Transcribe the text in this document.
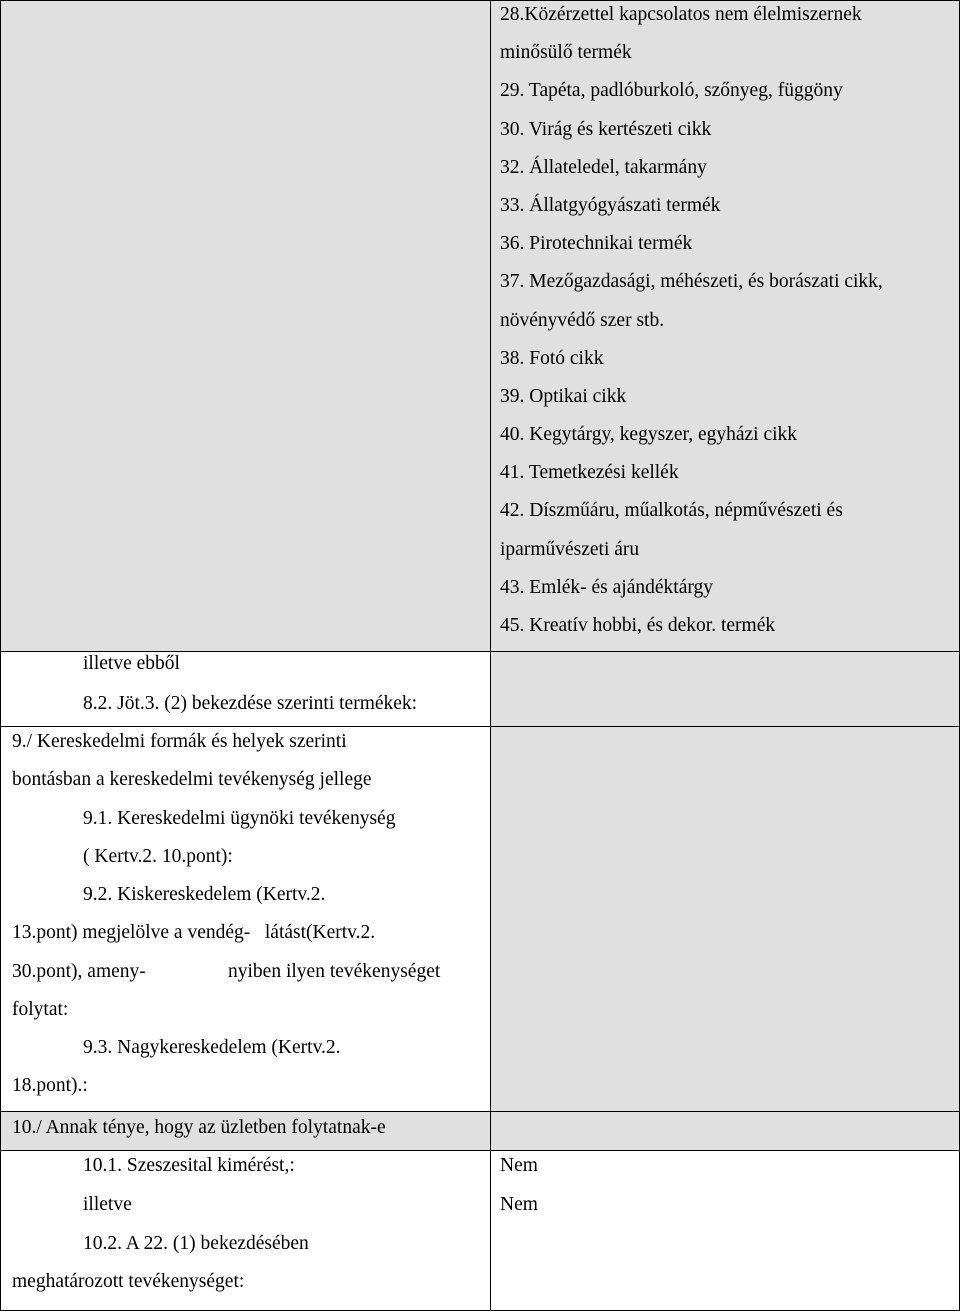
28.Közérzettel kapcsolatos nem élelmiszernek
minősülő termék
29. Tapéta, padlóburkoló, szőnyeg, függöny
30. Virág és kertészeti cikk
32. Állateledel, takarmány
33. Állatgyógyászati termék
36. Pirotechnikai termék
37. Mezőgazdasági, méhészeti, és borászati cikk,
növényvédő szer stb.
38. Fotó cikk
39. Optikai cikk
40. Kegytárgy, kegyszer, egyházi cikk
41. Temetkezési kellék
42. Díszműáru, műalkotás, népművészeti és
iparművészeti áru
43. Emlék- és ajándéktárgy
45. Kreatív hobbi, és dekor. termék
illetve ebből
8.2. Jöt.3. (2) bekezdése szerinti termékek:
9./ Kereskedelmi formák és helyek szerinti
bontásban a kereskedelmi tevékenység jellege
9.1. Kereskedelmi ügynöki tevékenység
( Kertv.2. 10.pont):
9.2. Kiskereskedelem (Kertv.2.
13.pont) megjelölve a vendég-   látást(Kertv.2.
30.pont), ameny-	nyiben ilyen tevékenységet
folytat:
9.3. Nagykereskedelem (Kertv.2.
18.pont).:
10./ Annak ténye, hogy az üzletben folytatnak-e
10.1. Szeszesital kimérést,:	Nem
illetve	Nem
10.2. A 22. (1) bekezdésében
meghatározott tevékenységet:
